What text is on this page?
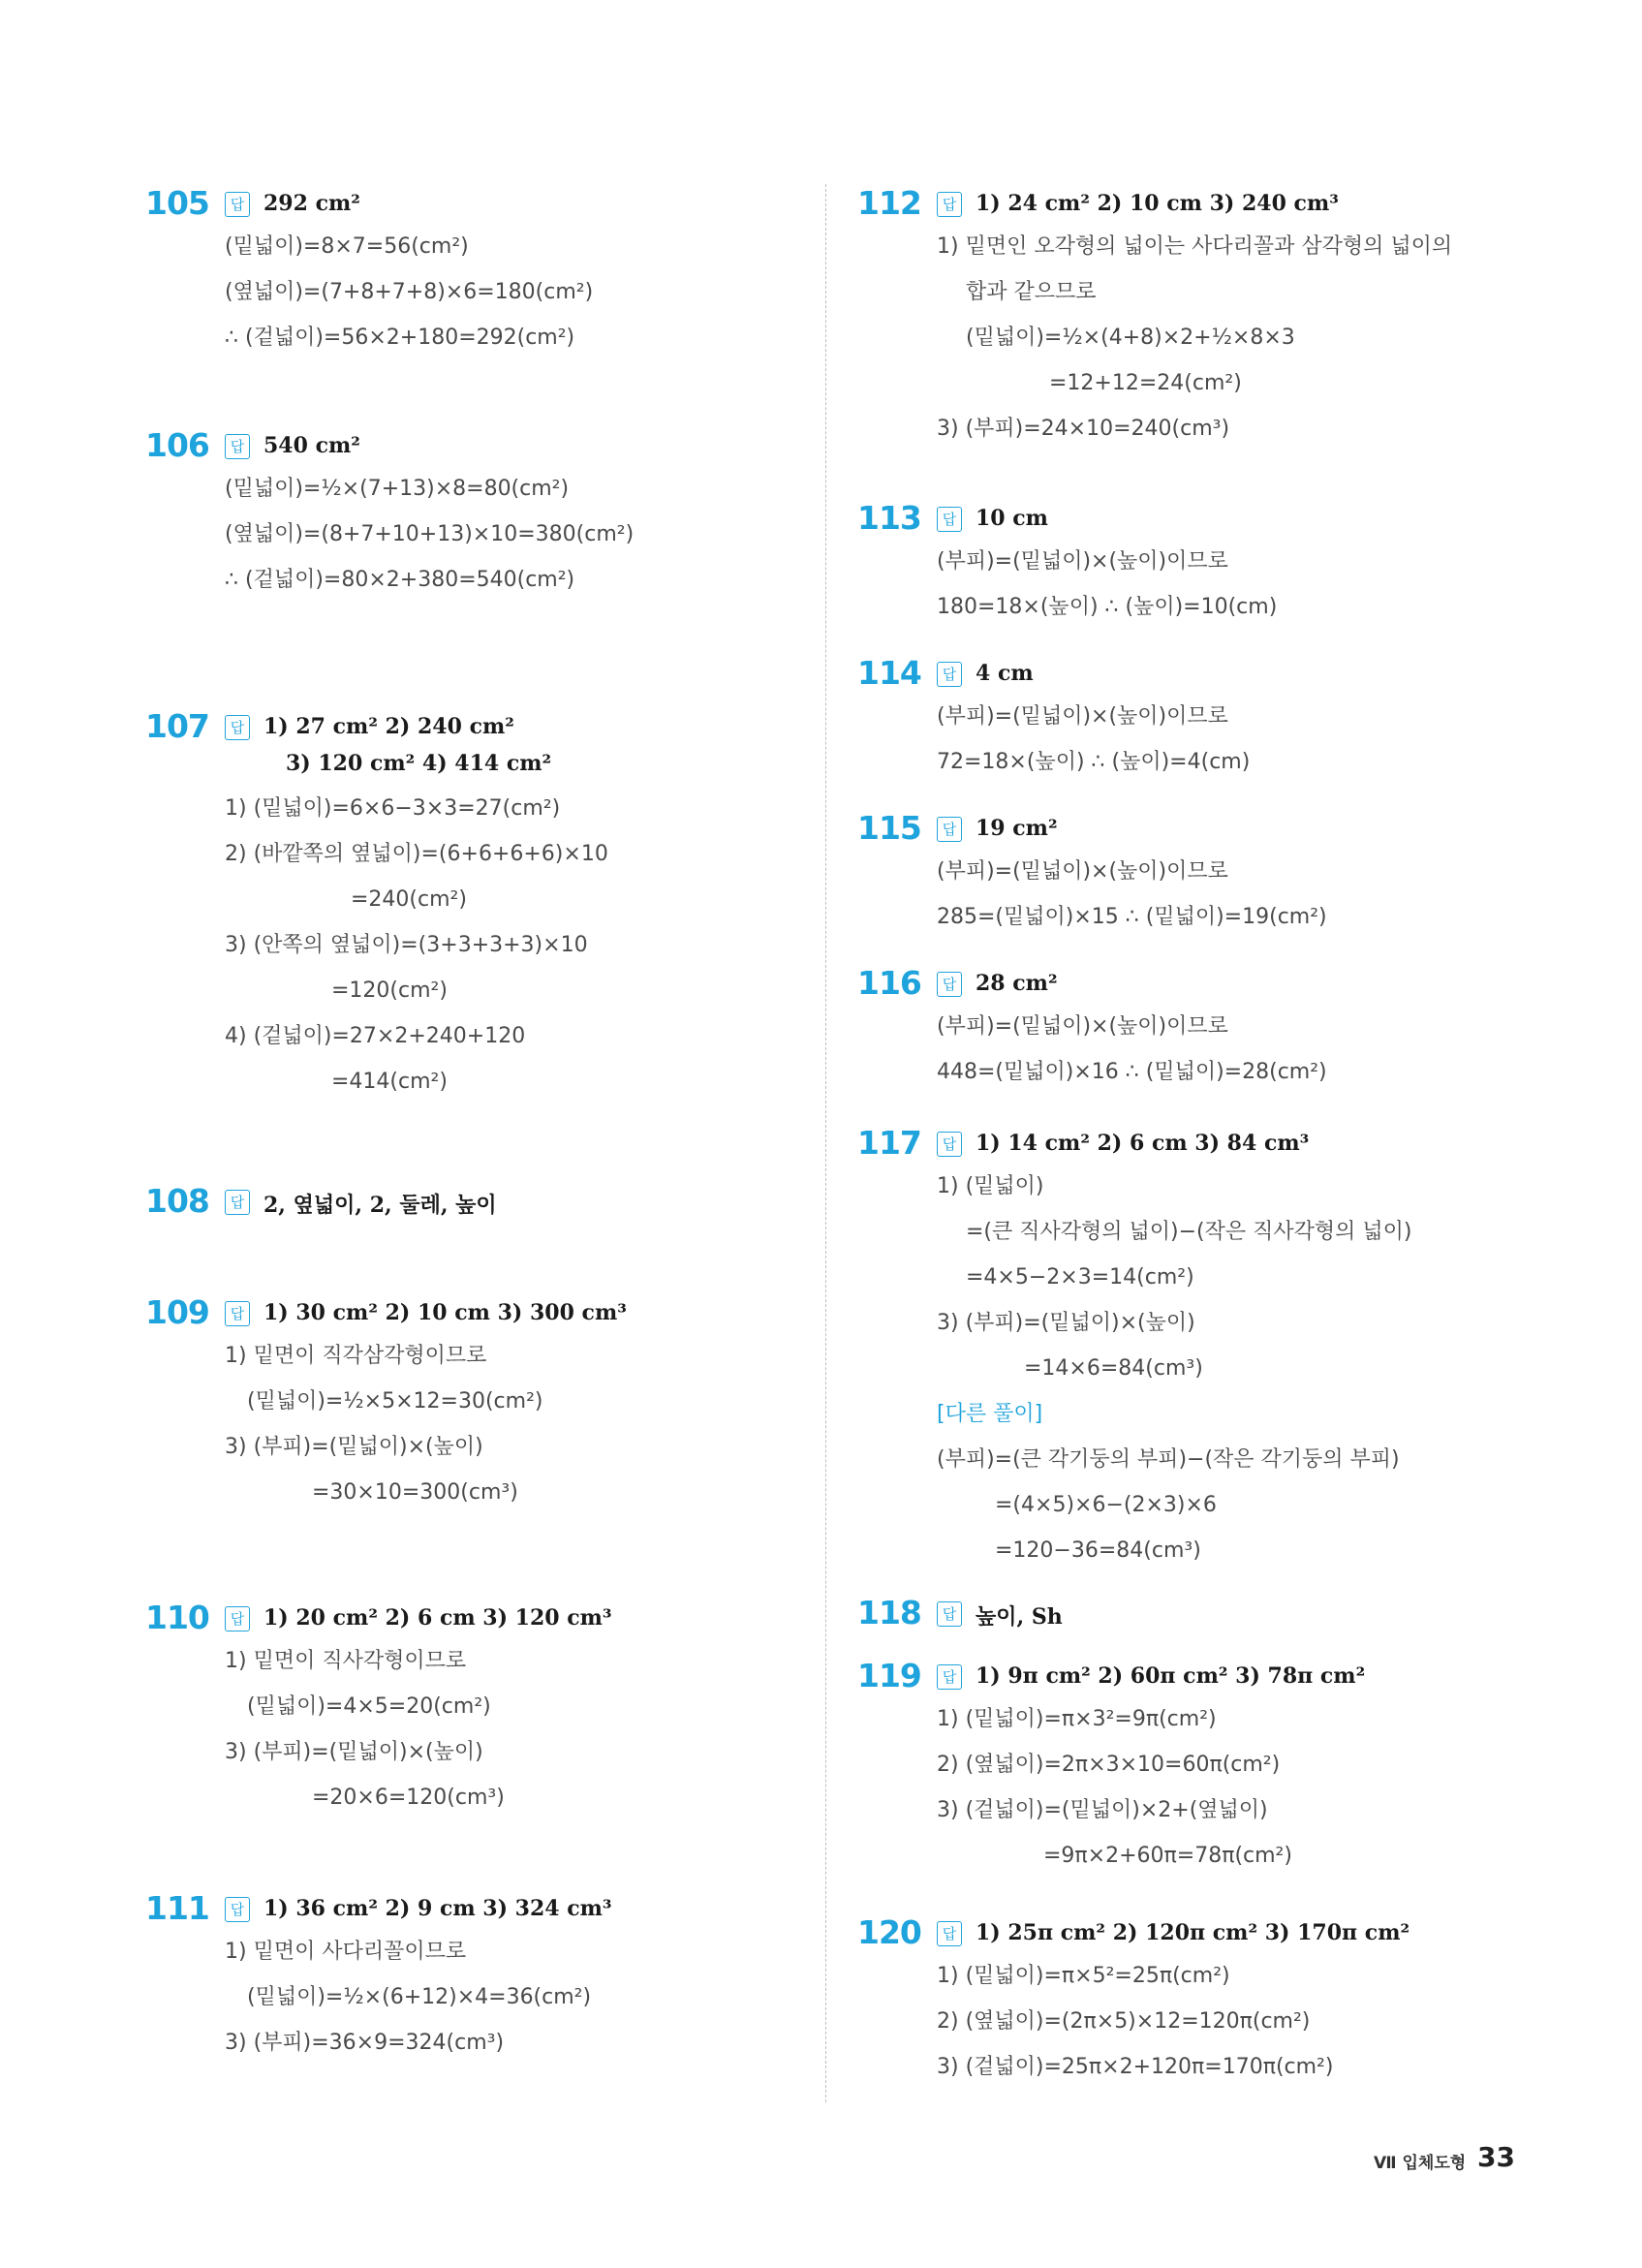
105	답 292 cm²
(밑넓이)=8×7=56(cm²)
(옆넓이)=(7+8+7+8)×6=180(cm²)
∴ (겉넓이)=56×2+180=292(cm²)
106	답 540 cm²
(밑넓이)=½×(7+13)×8=80(cm²)
(옆넓이)=(8+7+10+13)×10=380(cm²)
∴ (겉넓이)=80×2+380=540(cm²)
107	답 1) 27 cm² 2) 240 cm²
3) 120 cm² 4) 414 cm²
1) (밑넓이)=6×6−3×3=27(cm²)
2) (바깥쪽의 옆넓이)=(6+6+6+6)×10
=240(cm²)
3) (안쪽의 옆넓이)=(3+3+3+3)×10
=120(cm²)
4) (겉넓이)=27×2+240+120
=414(cm²)
108	답 2, 옆넓이, 2, 둘레, 높이
109	답 1) 30 cm² 2) 10 cm 3) 300 cm³
1) 밑면이 직각삼각형이므로
(밑넓이)=½×5×12=30(cm²)
3) (부피)=(밑넓이)×(높이)
=30×10=300(cm³)
110	답 1) 20 cm² 2) 6 cm 3) 120 cm³
1) 밑면이 직사각형이므로
(밑넓이)=4×5=20(cm²)
3) (부피)=(밑넓이)×(높이)
=20×6=120(cm³)
111	답 1) 36 cm² 2) 9 cm 3) 324 cm³
1) 밑면이 사다리꼴이므로
(밑넓이)=½×(6+12)×4=36(cm²)
3) (부피)=36×9=324(cm³)
112	답 1) 24 cm² 2) 10 cm 3) 240 cm³
1) 밑면인 오각형의 넓이는 사다리꼴과 삼각형의 넓이의
합과 같으므로
(밑넓이)=½×(4+8)×2+½×8×3
=12+12=24(cm²)
3) (부피)=24×10=240(cm³)
113	답 10 cm
(부피)=(밑넓이)×(높이)이므로
180=18×(높이) ∴ (높이)=10(cm)
114	답 4 cm
(부피)=(밑넓이)×(높이)이므로
72=18×(높이) ∴ (높이)=4(cm)
115	답 19 cm²
(부피)=(밑넓이)×(높이)이므로
285=(밑넓이)×15 ∴ (밑넓이)=19(cm²)
116	답 28 cm²
(부피)=(밑넓이)×(높이)이므로
448=(밑넓이)×16 ∴ (밑넓이)=28(cm²)
117	답 1) 14 cm² 2) 6 cm 3) 84 cm³
1) (밑넓이)
=(큰 직사각형의 넓이)−(작은 직사각형의 넓이)
=4×5−2×3=14(cm²)
3) (부피)=(밑넓이)×(높이)
=14×6=84(cm³)
[다른 풀이]
(부피)=(큰 각기둥의 부피)−(작은 각기둥의 부피)
=(4×5)×6−(2×3)×6
=120−36=84(cm³)
118	답 높이, Sh
119	답 1) 9π cm² 2) 60π cm² 3) 78π cm²
1) (밑넓이)=π×3²=9π(cm²)
2) (옆넓이)=2π×3×10=60π(cm²)
3) (겉넓이)=(밑넓이)×2+(옆넓이)
=9π×2+60π=78π(cm²)
120	답 1) 25π cm² 2) 120π cm² 3) 170π cm²
1) (밑넓이)=π×5²=25π(cm²)
2) (옆넓이)=(2π×5)×12=120π(cm²)
3) (겉넓이)=25π×2+120π=170π(cm²)
Ⅶ 입체도형 33
